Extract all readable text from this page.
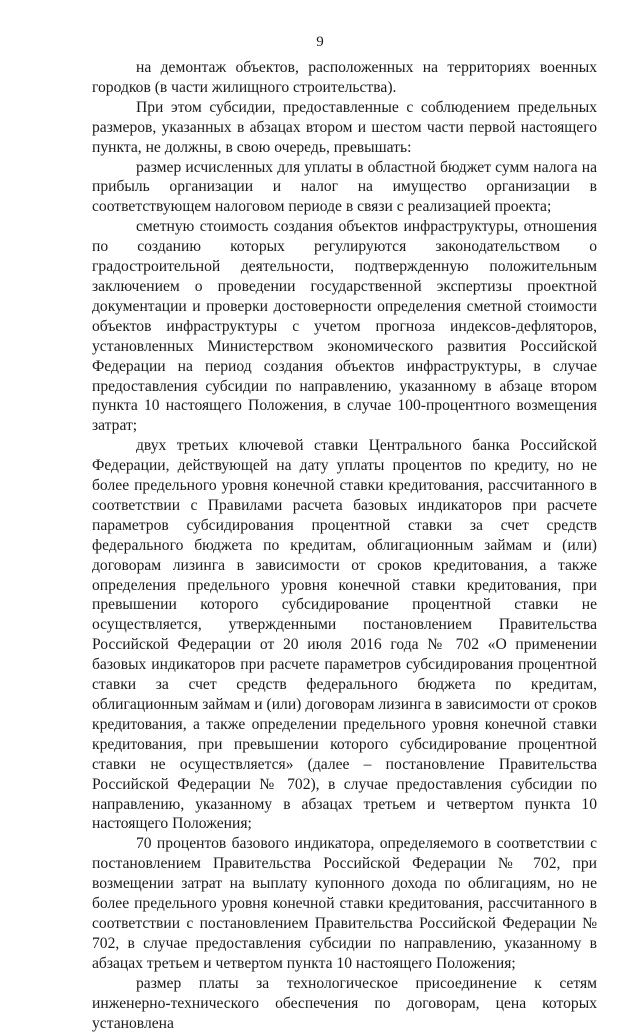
9

на демонтаж объектов, расположенных на территориях военных городков (в части жилищного строительства).

При этом субсидии, предоставленные с соблюдением предельных размеров, указанных в абзацах втором и шестом части первой настоящего пункта, не должны, в свою очередь, превышать:

размер исчисленных для уплаты в областной бюджет сумм налога на прибыль организации и налог на имущество организации в соответствующем налоговом периоде в связи с реализацией проекта;

сметную стоимость создания объектов инфраструктуры, отношения по созданию которых регулируются законодательством о градостроительной деятельности, подтвержденную положительным заключением о проведении государственной экспертизы проектной документации и проверки достоверности определения сметной стоимости объектов инфраструктуры с учетом прогноза индексов-дефляторов, установленных Министерством экономического развития Российской Федерации на период создания объектов инфраструктуры, в случае предоставления субсидии по направлению, указанному в абзаце втором пункта 10 настоящего Положения, в случае 100-процентного возмещения затрат;

двух третьих ключевой ставки Центрального банка Российской Федерации, действующей на дату уплаты процентов по кредиту, но не более предельного уровня конечной ставки кредитования, рассчитанного в соответствии с Правилами расчета базовых индикаторов при расчете параметров субсидирования процентной ставки за счет средств федерального бюджета по кредитам, облигационным займам и (или) договорам лизинга в зависимости от сроков кредитования, а также определения предельного уровня конечной ставки кредитования, при превышении которого субсидирование процентной ставки не осуществляется, утвержденными постановлением Правительства Российской Федерации от 20 июля 2016 года № 702 «О применении базовых индикаторов при расчете параметров субсидирования процентной ставки за счет средств федерального бюджета по кредитам, облигационным займам и (или) договорам лизинга в зависимости от сроков кредитования, а также определении предельного уровня конечной ставки кредитования, при превышении которого субсидирование процентной ставки не осуществляется» (далее – постановление Правительства Российской Федерации № 702), в случае предоставления субсидии по направлению, указанному в абзацах третьем и четвертом пункта 10 настоящего Положения;

70 процентов базового индикатора, определяемого в соответствии с постановлением Правительства Российской Федерации № 702, при возмещении затрат на выплату купонного дохода по облигациям, но не более предельного уровня конечной ставки кредитования, рассчитанного в соответствии с постановлением Правительства Российской Федерации № 702, в случае предоставления субсидии по направлению, указанному в абзацах третьем и четвертом пункта 10 настоящего Положения;

размер платы за технологическое присоединение к сетям инженерно-технического обеспечения по договорам, цена которых установлена
